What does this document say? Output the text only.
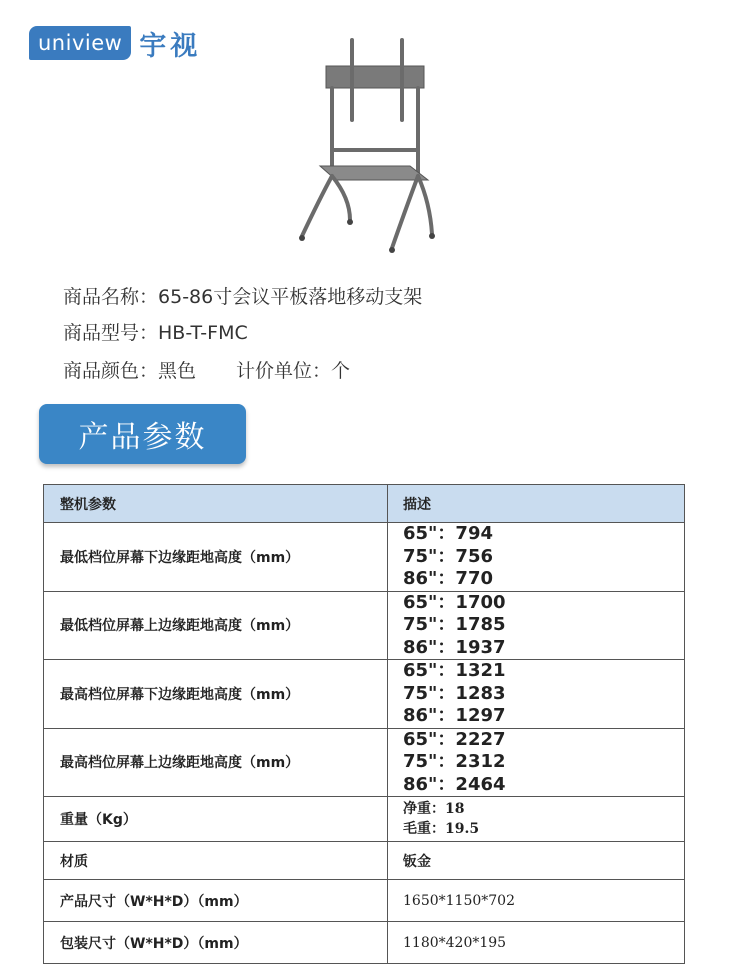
uniview 宇视
商品名称：65-86寸会议平板落地移动支架
商品型号：HB-T-FMC
商品颜色：黑色 计价单位：个
产品参数
整机参数	描述
最低档位屏幕下边缘距地高度（mm）	65"：794
75"：756
86"：770

最低档位屏幕上边缘距地高度（mm）	65"：1700
75"：1785
86"：1937

最高档位屏幕下边缘距地高度（mm）	65"：1321
75"：1283
86"：1297

最高档位屏幕上边缘距地高度（mm）	65"：2227
75"：2312
86"：2464

重量（Kg）	净重：18
毛重：19.5

材质	钣金
产品尺寸（W*H*D）（mm）	1650*1150*702
包装尺寸（W*H*D）（mm）	1180*420*195
